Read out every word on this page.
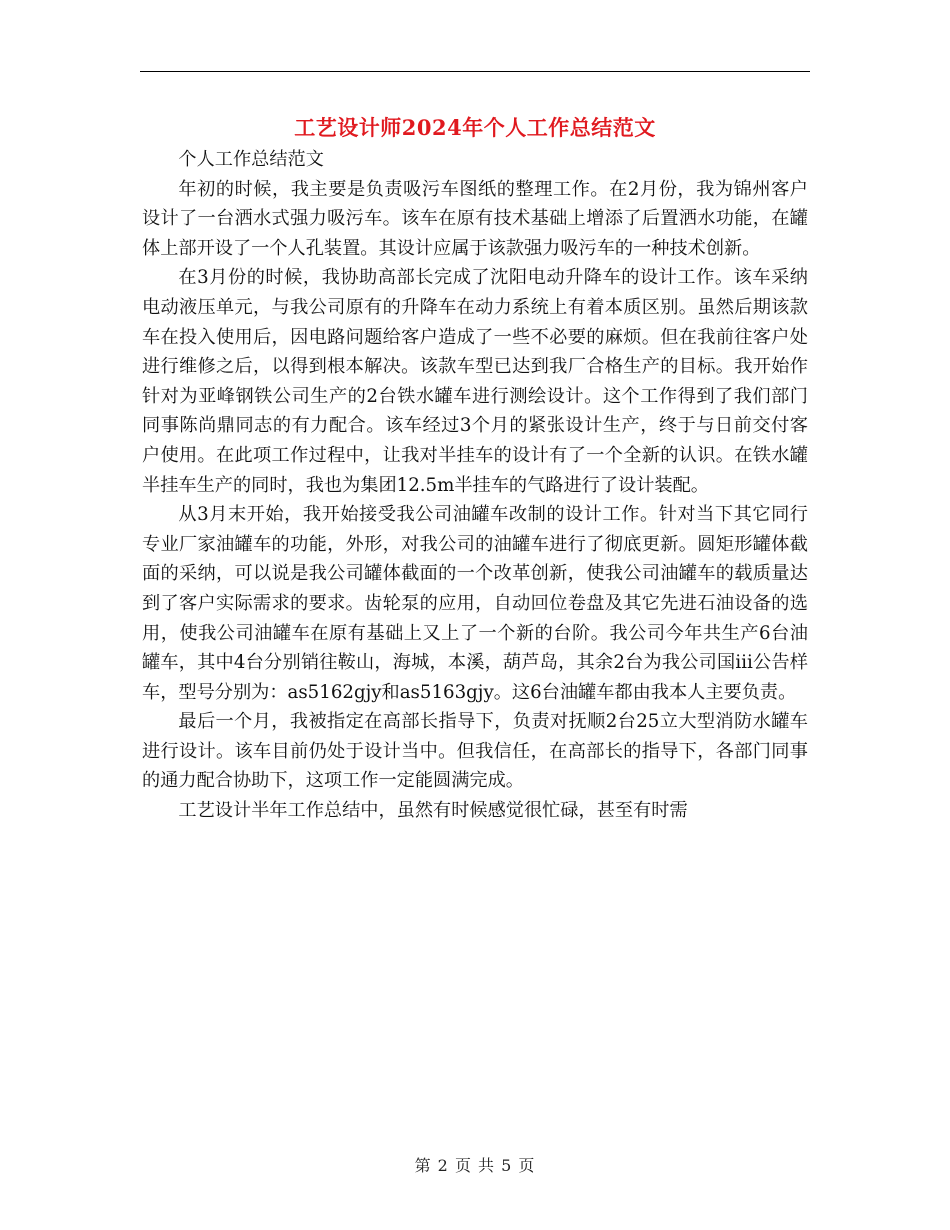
工艺设计师2024年个人工作总结范文

个人工作总结范文

年初的时候，我主要是负责吸污车图纸的整理工作。在2月份，我为锦州客户设计了一台洒水式强力吸污车。该车在原有技术基础上增添了后置洒水功能，在罐体上部开设了一个人孔装置。其设计应属于该款强力吸污车的一种技术创新。

在3月份的时候，我协助高部长完成了沈阳电动升降车的设计工作。该车采纳电动液压单元，与我公司原有的升降车在动力系统上有着本质区别。虽然后期该款车在投入使用后，因电路问题给客户造成了一些不必要的麻烦。但在我前往客户处进行维修之后，以得到根本解决。该款车型已达到我厂合格生产的目标。我开始作针对为亚峰钢铁公司生产的2台铁水罐车进行测绘设计。这个工作得到了我们部门同事陈尚鼎同志的有力配合。该车经过3个月的紧张设计生产，终于与日前交付客户使用。在此项工作过程中，让我对半挂车的设计有了一个全新的认识。在铁水罐半挂车生产的同时，我也为集团12.5m半挂车的气路进行了设计装配。

从3月末开始，我开始接受我公司油罐车改制的设计工作。针对当下其它同行专业厂家油罐车的功能，外形，对我公司的油罐车进行了彻底更新。圆矩形罐体截面的采纳，可以说是我公司罐体截面的一个改革创新，使我公司油罐车的载质量达到了客户实际需求的要求。齿轮泵的应用，自动回位卷盘及其它先进石油设备的选用，使我公司油罐车在原有基础上又上了一个新的台阶。我公司今年共生产6台油罐车，其中4台分别销往鞍山，海城，本溪，葫芦岛，其余2台为我公司国ⅲ公告样车，型号分别为：as5162gjy和as5163gjy。这6台油罐车都由我本人主要负责。

最后一个月，我被指定在高部长指导下，负责对抚顺2台25立大型消防水罐车进行设计。该车目前仍处于设计当中。但我信任，在高部长的指导下，各部门同事的通力配合协助下，这项工作一定能圆满完成。

工艺设计半年工作总结中，虽然有时候感觉很忙碌，甚至有时需

第 2 页 共 5 页
